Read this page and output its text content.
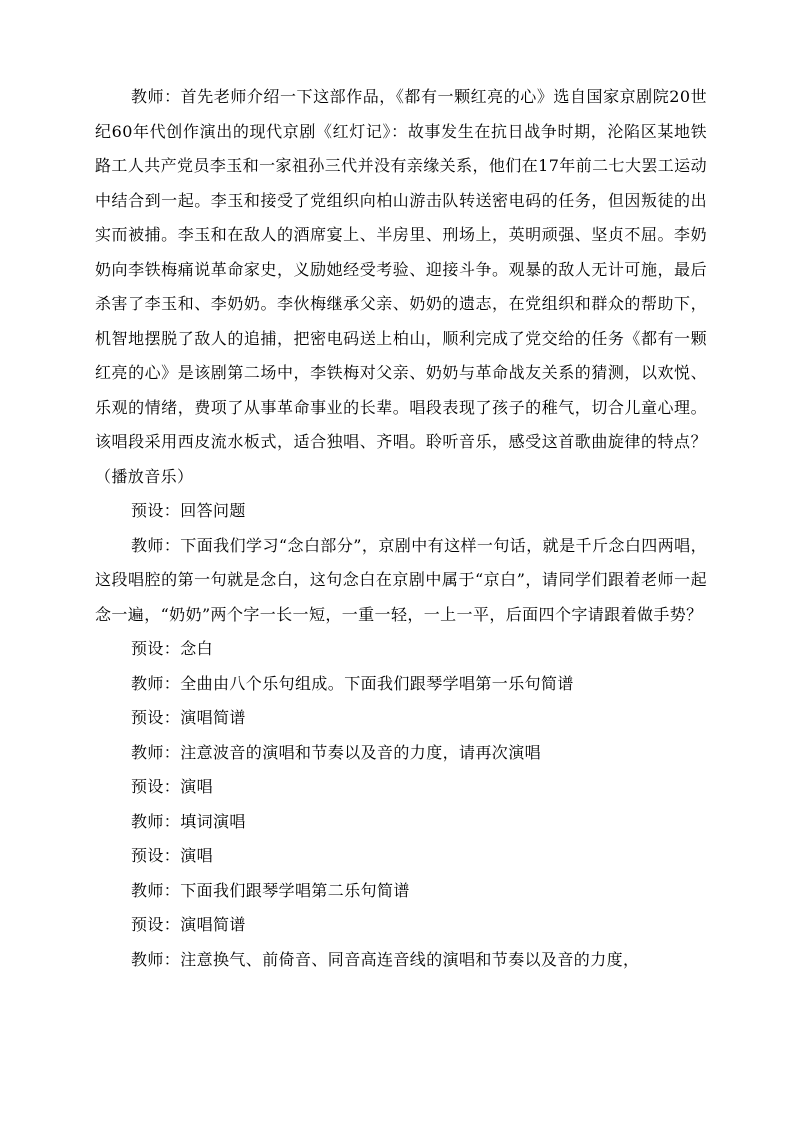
教师：首先老师介绍一下这部作品，《都有一颗红亮的心》选自国家京剧院20世纪60年代创作演出的现代京剧《红灯记》：故事发生在抗日战争时期，沦陷区某地铁路工人共产党员李玉和一家祖孙三代并没有亲缘关系，他们在17年前二七大罢工运动中结合到一起。李玉和接受了党组织向柏山游击队转送密电码的任务，但因叛徒的出实而被捕。李玉和在敌人的酒席宴上、半房里、刑场上，英明顽强、坚贞不屈。李奶奶向李铁梅痛说革命家史，义励她经受考验、迎接斗争。观暴的敌人无计可施，最后杀害了李玉和、李奶奶。李伙梅继承父亲、奶奶的遗志，在党组织和群众的帮助下，机智地摆脱了敌人的追捕，把密电码送上柏山，顺利完成了党交给的任务《都有一颗红亮的心》是该剧第二场中，李铁梅对父亲、奶奶与革命战友关系的猜测，以欢悦、乐观的情绪，费项了从事革命事业的长辈。唱段表现了孩子的稚气，切合儿童心理。该唱段采用西皮流水板式，适合独唱、齐唱。聆听音乐，感受这首歌曲旋律的特点？（播放音乐）

预设：回答问题

教师：下面我们学习“念白部分”，京剧中有这样一句话，就是千斤念白四两唱，这段唱腔的第一句就是念白，这句念白在京剧中属于“京白”，请同学们跟着老师一起念一遍，“奶奶”两个字一长一短，一重一轻，一上一平，后面四个字请跟着做手势？

预设：念白

教师：全曲由八个乐句组成。下面我们跟琴学唱第一乐句简谱

预设：演唱简谱

教师：注意波音的演唱和节奏以及音的力度，请再次演唱

预设：演唱

教师：填词演唱

预设：演唱

教师：下面我们跟琴学唱第二乐句简谱

预设：演唱简谱

教师：注意换气、前倚音、同音高连音线的演唱和节奏以及音的力度，
